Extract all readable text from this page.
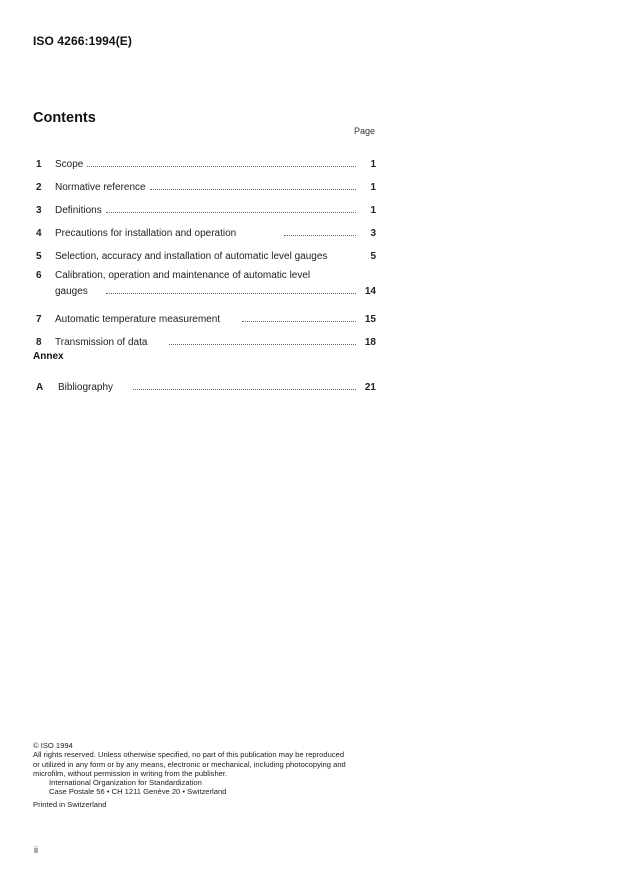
ISO 4266:1994(E)
Contents
Page
1	Scope	1
2	Normative reference	1
3	Definitions	1
4	Precautions for installation and operation	3
5	Selection, accuracy and installation of automatic level gauges	5
6	Calibration, operation and maintenance of automatic level
gauges	14
7	Automatic temperature measurement	15
8	Transmission of data	18
Annex
A	Bibliography	21
© ISO 1994
All rights reserved. Unless otherwise specified, no part of this publication may be reproduced
or utilized in any form or by any means, electronic or mechanical, including photocopying and
microfilm, without permission in writing from the publisher.
International Organization for Standardization
Case Postale 56 • CH 1211 Genève 20 • Switzerland
Printed in Switzerland
ii
